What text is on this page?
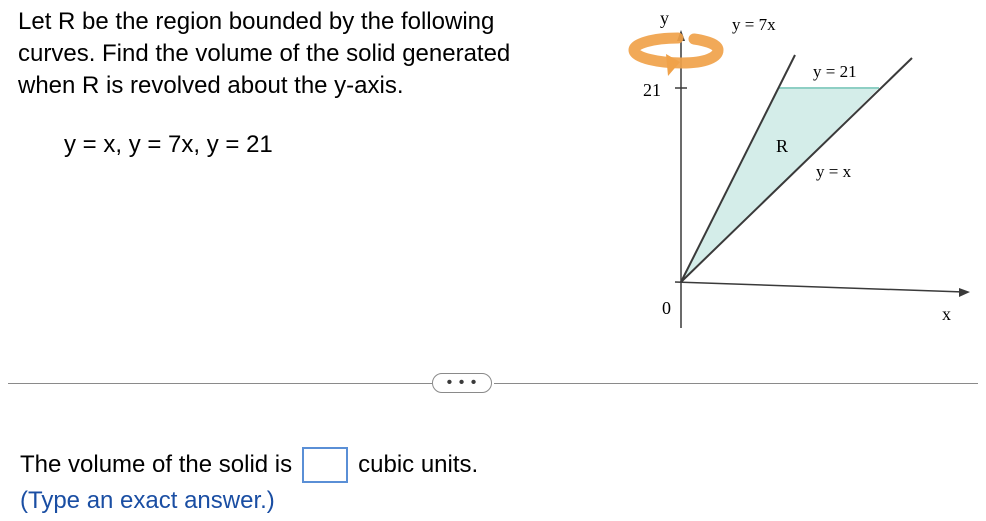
Let R be the region bounded by the following
curves. Find the volume of the solid generated
when R is revolved about the y-axis.
y = x, y = 7x, y = 21
y
x
21
0
y = 7x
y = 21
y = x
R
• • •
The volume of the solid is	cubic units.
(Type an exact answer.)
